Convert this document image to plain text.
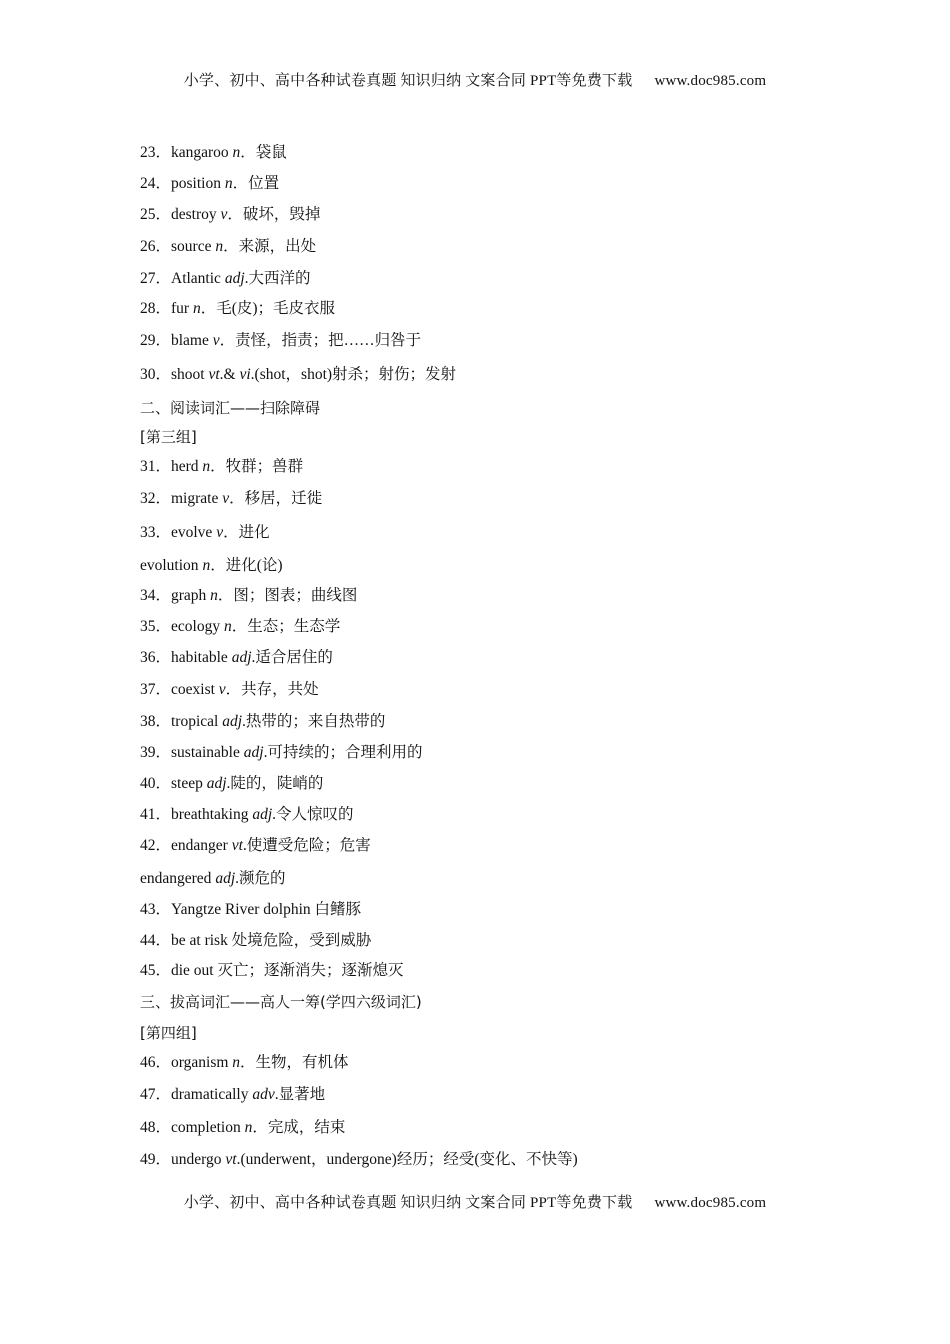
小学、初中、高中各种试卷真题 知识归纳 文案合同 PPT等免费下载 www.doc985.com
23．kangaroo n．袋鼠
24．position n．位置
25．destroy v．破坏，毁掉
26．source n．来源，出处
27．Atlantic adj.大西洋的
28．fur n．毛(皮)；毛皮衣服
29．blame v．责怪，指责；把……归咎于
30．shoot vt.& vi.(shot，shot)射杀；射伤；发射
二、阅读词汇——扫除障碍
[第三组]
31．herd n．牧群；兽群
32．migrate v．移居，迁徙
33．evolve v．进化
evolution n．进化(论)
34．graph n．图；图表；曲线图
35．ecology n．生态；生态学
36．habitable adj.适合居住的
37．coexist v．共存，共处
38．tropical adj.热带的；来自热带的
39．sustainable adj.可持续的；合理利用的
40．steep adj.陡的，陡峭的
41．breathtaking adj.令人惊叹的
42．endanger vt.使遭受危险；危害
endangered adj.濒危的
43．Yangtze River dolphin 白鳍豚
44．be at risk 处境危险，受到威胁
45．die out 灭亡；逐渐消失；逐渐熄灭
三、拔高词汇——高人一筹(学四六级词汇)
[第四组]
46．organism n．生物，有机体
47．dramatically adv.显著地
48．completion n．完成，结束
49．undergo vt.(underwent，undergone)经历；经受(变化、不快等)
小学、初中、高中各种试卷真题 知识归纳 文案合同 PPT等免费下载 www.doc985.com
